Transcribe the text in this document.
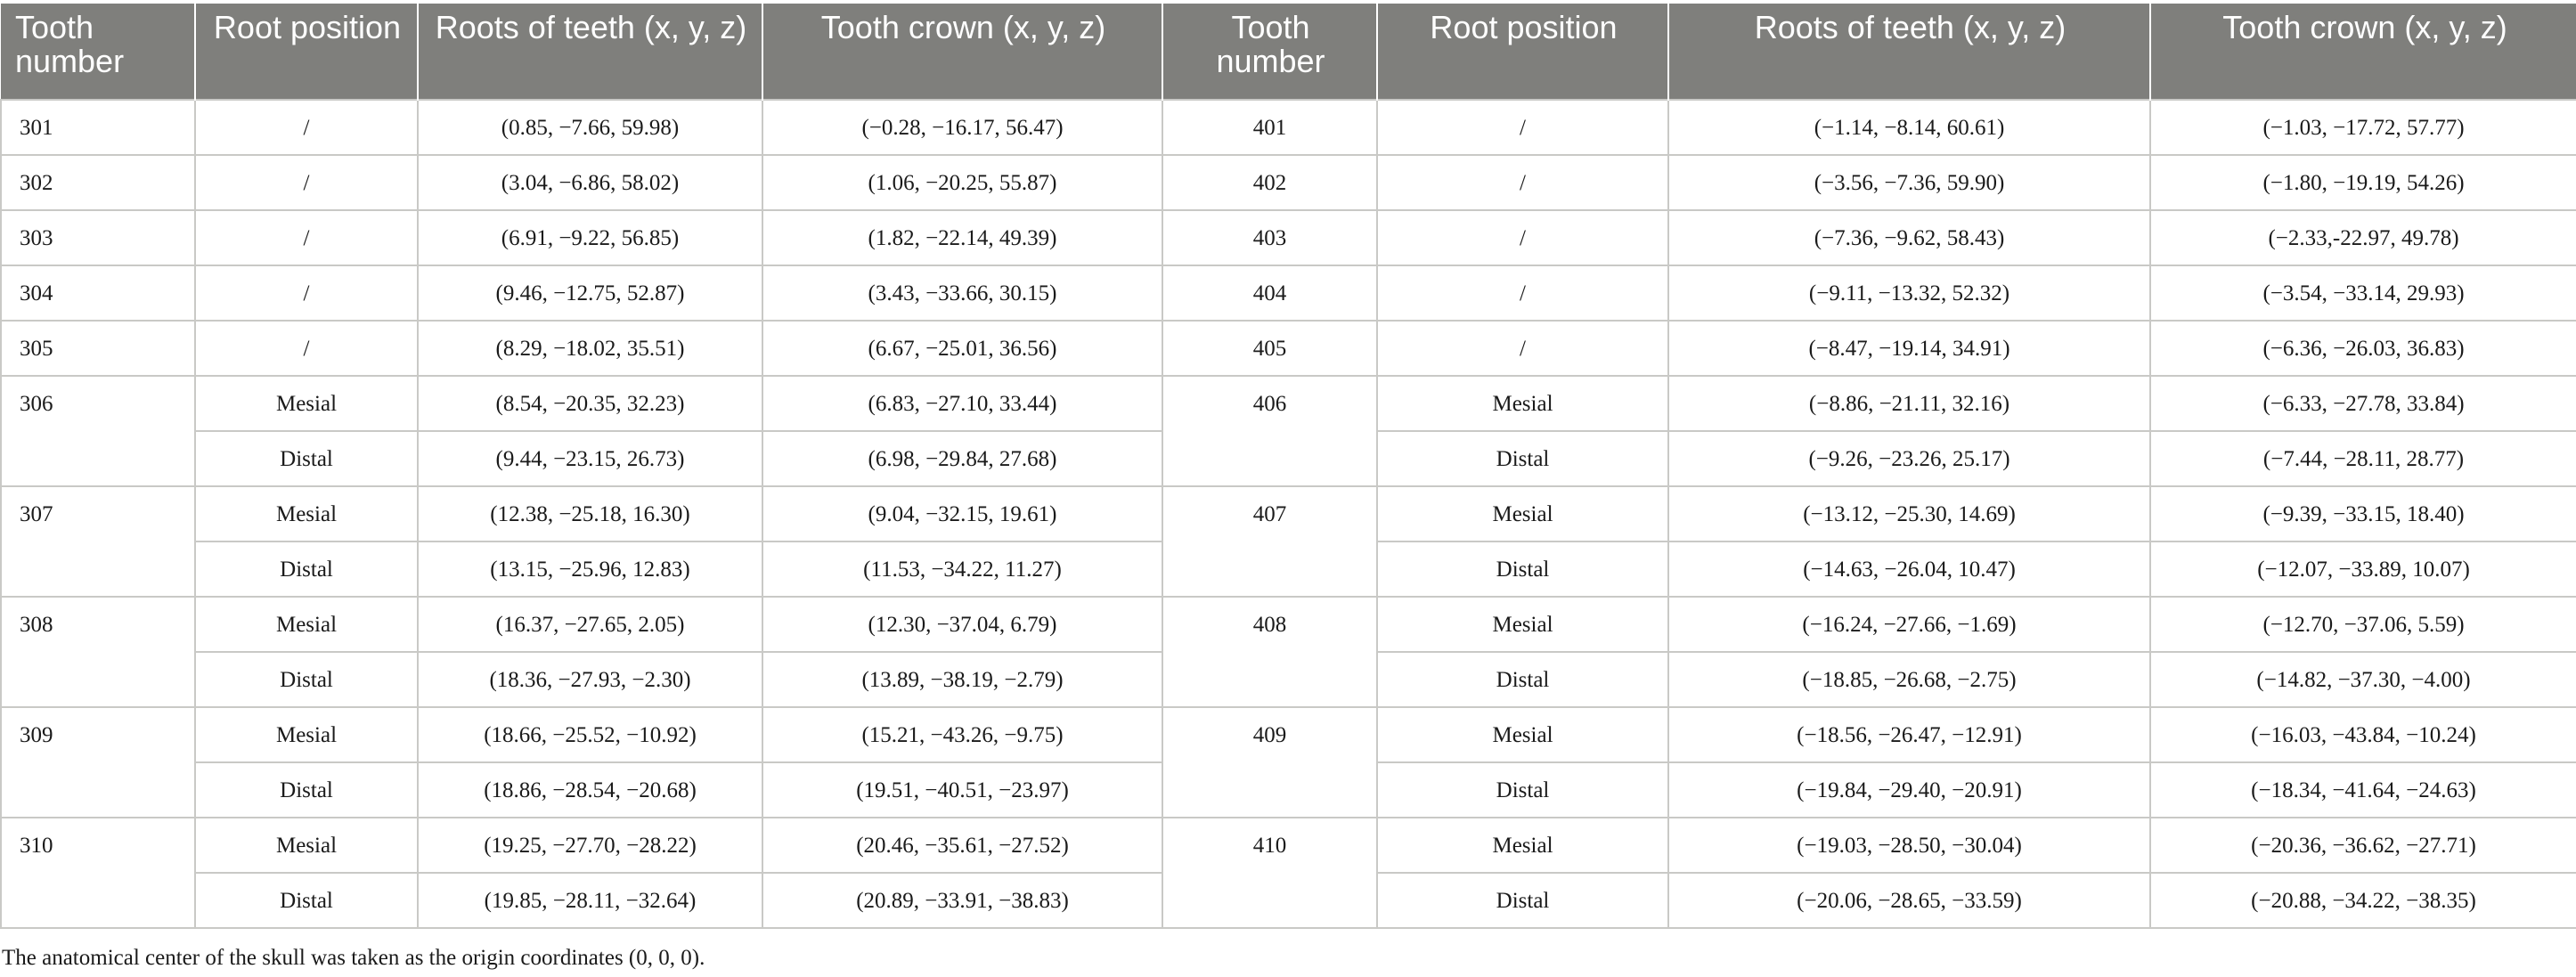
Tooth number	Root position	Roots of teeth (x, y, z)	Tooth crown (x, y, z)	Tooth number	Root position	Roots of teeth (x, y, z)	Tooth crown (x, y, z)
301	/	(0.85, −7.66, 59.98)	(−0.28, −16.17, 56.47)	401	/	(−1.14, −8.14, 60.61)	(−1.03, −17.72, 57.77)
302	/	(3.04, −6.86, 58.02)	(1.06, −20.25, 55.87)	402	/	(−3.56, −7.36, 59.90)	(−1.80, −19.19, 54.26)
303	/	(6.91, −9.22, 56.85)	(1.82, −22.14, 49.39)	403	/	(−7.36, −9.62, 58.43)	(−2.33,-22.97, 49.78)
304	/	(9.46, −12.75, 52.87)	(3.43, −33.66, 30.15)	404	/	(−9.11, −13.32, 52.32)	(−3.54, −33.14, 29.93)
305	/	(8.29, −18.02, 35.51)	(6.67, −25.01, 36.56)	405	/	(−8.47, −19.14, 34.91)	(−6.36, −26.03, 36.83)
306	Mesial	(8.54, −20.35, 32.23)	(6.83, −27.10, 33.44)	406	Mesial	(−8.86, −21.11, 32.16)	(−6.33, −27.78, 33.84)
	Distal	(9.44, −23.15, 26.73)	(6.98, −29.84, 27.68)		Distal	(−9.26, −23.26, 25.17)	(−7.44, −28.11, 28.77)
307	Mesial	(12.38, −25.18, 16.30)	(9.04, −32.15, 19.61)	407	Mesial	(−13.12, −25.30, 14.69)	(−9.39, −33.15, 18.40)
	Distal	(13.15, −25.96, 12.83)	(11.53, −34.22, 11.27)		Distal	(−14.63, −26.04, 10.47)	(−12.07, −33.89, 10.07)
308	Mesial	(16.37, −27.65, 2.05)	(12.30, −37.04, 6.79)	408	Mesial	(−16.24, −27.66, −1.69)	(−12.70, −37.06, 5.59)
	Distal	(18.36, −27.93, −2.30)	(13.89, −38.19, −2.79)		Distal	(−18.85, −26.68, −2.75)	(−14.82, −37.30, −4.00)
309	Mesial	(18.66, −25.52, −10.92)	(15.21, −43.26, −9.75)	409	Mesial	(−18.56, −26.47, −12.91)	(−16.03, −43.84, −10.24)
	Distal	(18.86, −28.54, −20.68)	(19.51, −40.51, −23.97)		Distal	(−19.84, −29.40, −20.91)	(−18.34, −41.64, −24.63)
310	Mesial	(19.25, −27.70, −28.22)	(20.46, −35.61, −27.52)	410	Mesial	(−19.03, −28.50, −30.04)	(−20.36, −36.62, −27.71)
	Distal	(19.85, −28.11, −32.64)	(20.89, −33.91, −38.83)		Distal	(−20.06, −28.65, −33.59)	(−20.88, −34.22, −38.35)
The anatomical center of the skull was taken as the origin coordinates (0, 0, 0).
